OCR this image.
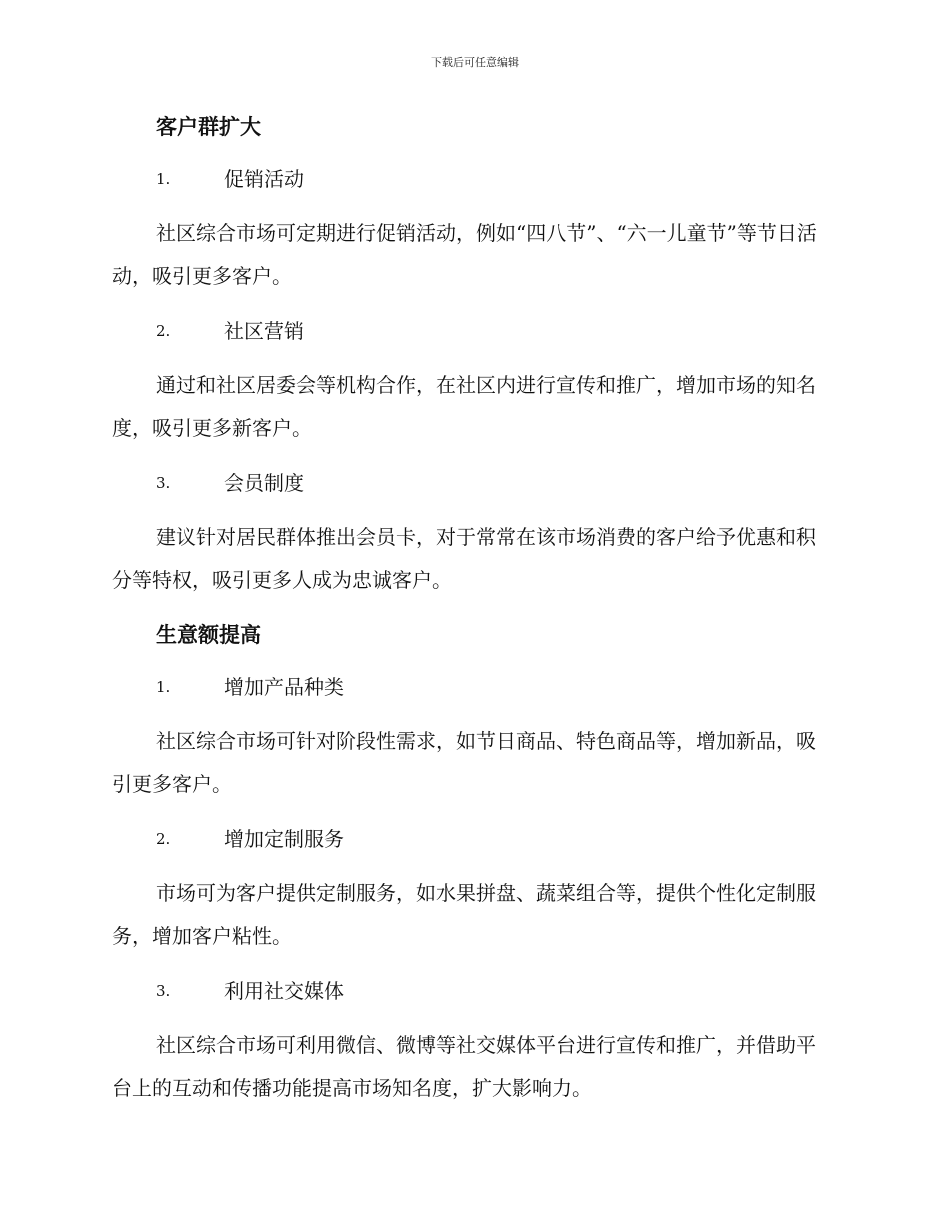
下载后可任意编辑
客户群扩大
1.	促销活动

社区综合市场可定期进行促销活动，例如“四八节”、“六一儿童节”等节日活动，吸引更多客户。

2.	社区营销

通过和社区居委会等机构合作，在社区内进行宣传和推广，增加市场的知名度，吸引更多新客户。

3.	会员制度

建议针对居民群体推出会员卡，对于常常在该市场消费的客户给予优惠和积分等特权，吸引更多人成为忠诚客户。

生意额提高
1.	增加产品种类

社区综合市场可针对阶段性需求，如节日商品、特色商品等，增加新品，吸引更多客户。

2.	增加定制服务

市场可为客户提供定制服务，如水果拼盘、蔬菜组合等，提供个性化定制服务，增加客户粘性。

3.	利用社交媒体

社区综合市场可利用微信、微博等社交媒体平台进行宣传和推广，并借助平台上的互动和传播功能提高市场知名度，扩大影响力。
